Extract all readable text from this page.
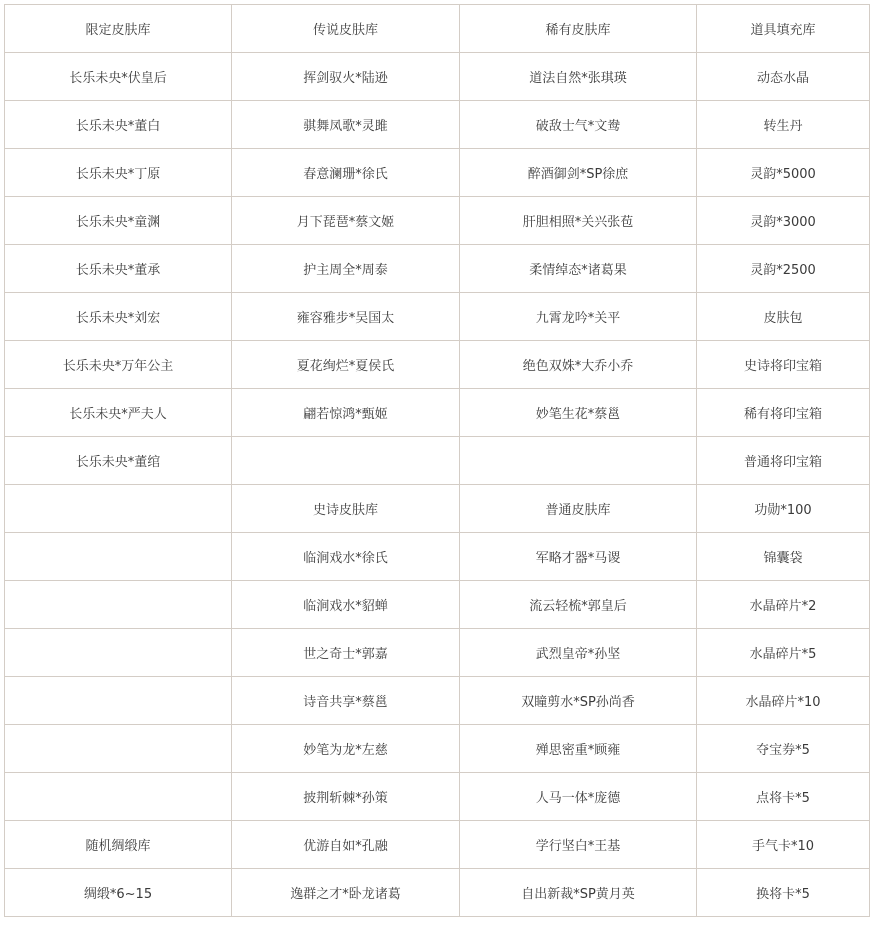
限定皮肤库	传说皮肤库	稀有皮肤库	道具填充库
长乐未央*伏皇后	挥剑驭火*陆逊	道法自然*张琪瑛	动态水晶
长乐未央*董白	骐舞凤歌*灵雎	破敌士气*文鸯	转生丹
长乐未央*丁原	春意澜珊*徐氏	醉酒御剑*SP徐庶	灵韵*5000
长乐未央*童渊	月下琵琶*蔡文姬	肝胆相照*关兴张苞	灵韵*3000
长乐未央*董承	护主周全*周泰	柔情绰态*诸葛果	灵韵*2500
长乐未央*刘宏	雍容雅步*吴国太	九霄龙吟*关平	皮肤包
长乐未央*万年公主	夏花绚烂*夏侯氏	绝色双姝*大乔小乔	史诗将印宝箱
长乐未央*严夫人	翩若惊鸿*甄姬	妙笔生花*蔡邕	稀有将印宝箱
长乐未央*董绾			普通将印宝箱
	史诗皮肤库	普通皮肤库	功勋*100
	临涧戏水*徐氏	军略才器*马谡	锦囊袋
	临涧戏水*貂蝉	流云轻梳*郭皇后	水晶碎片*2
	世之奇士*郭嘉	武烈皇帝*孙坚	水晶碎片*5
	诗音共享*蔡邕	双瞳剪水*SP孙尚香	水晶碎片*10
	妙笔为龙*左慈	殚思密重*顾雍	夺宝券*5
	披荆斩棘*孙策	人马一体*庞德	点将卡*5
随机绸缎库	优游自如*孔融	学行坚白*王基	手气卡*10
绸缎*6~15	逸群之才*卧龙诸葛	自出新裁*SP黄月英	换将卡*5
